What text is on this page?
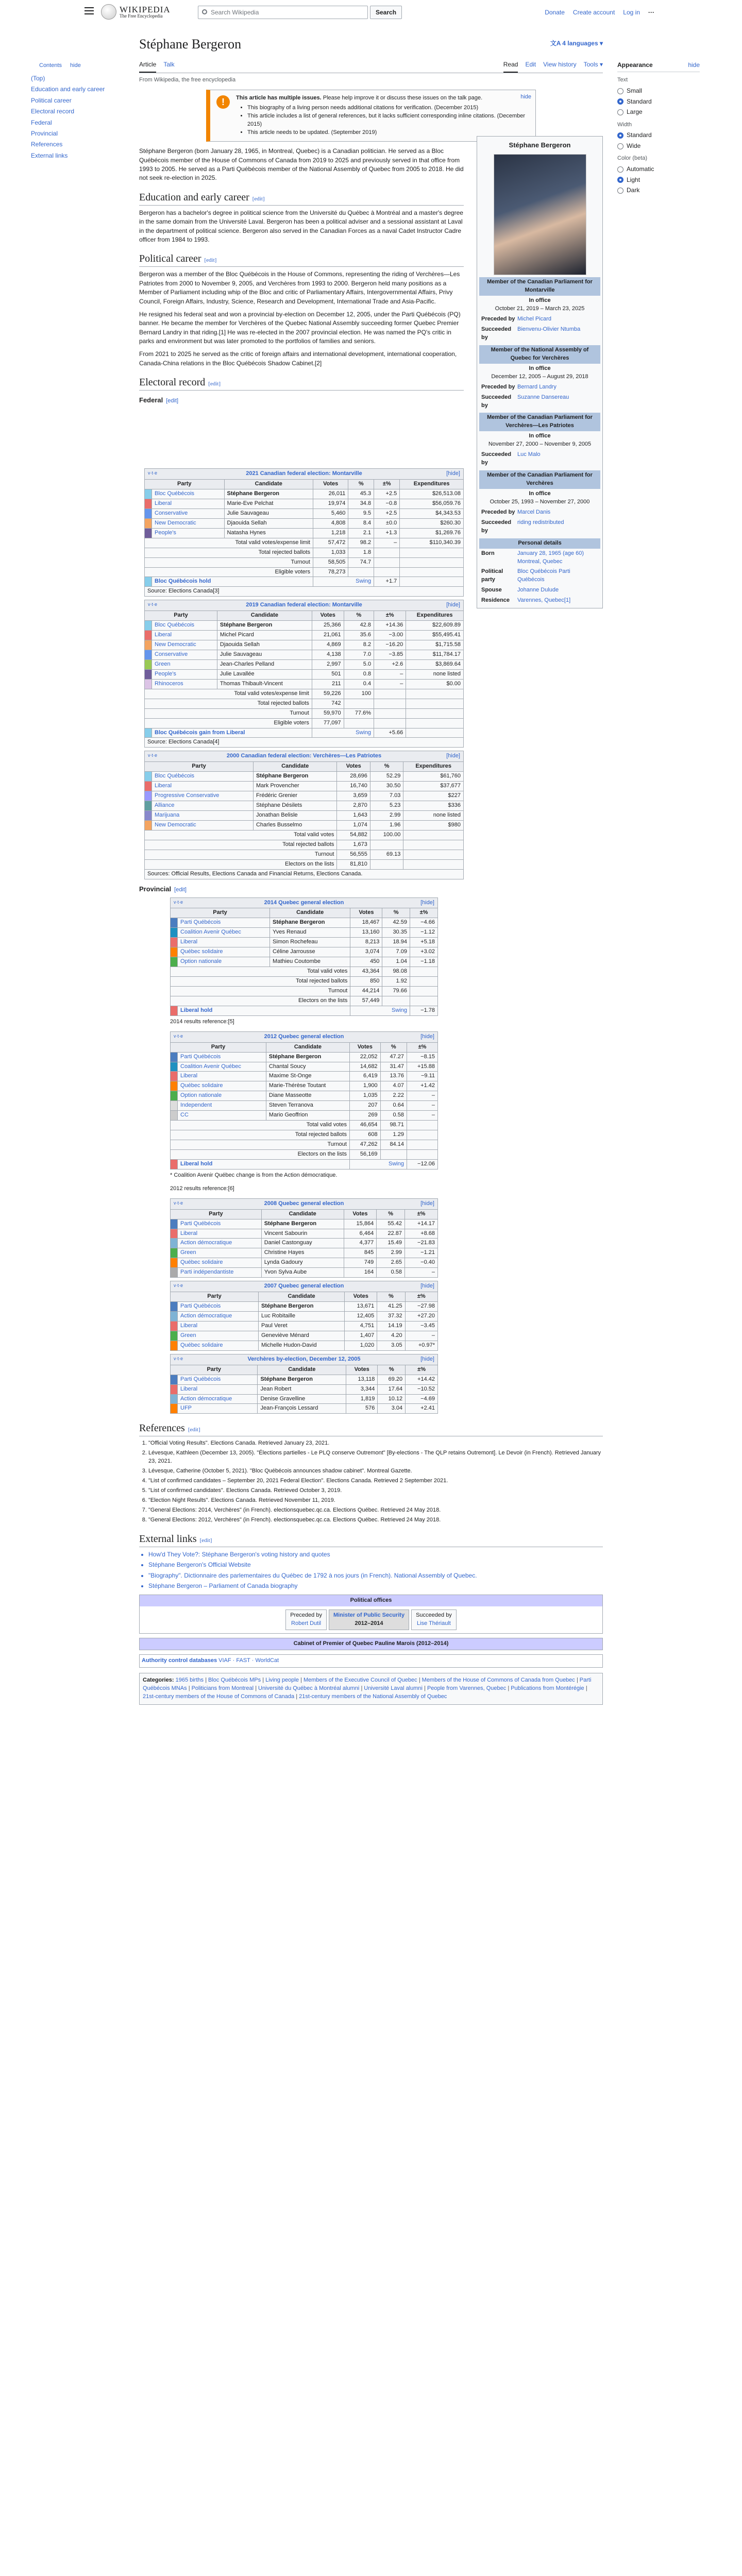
WIKIPEDIA
The Free Encyclopedia	Search Wikipedia	Search	Donate Create account Log in ···
Contents hide
(Top)
Education and early career
Political career
Electoral record
Federal
Provincial
References
External links
Appearance	hide
Text
Small
Standard
Large
Width
Standard
Wide
Color (beta)
Automatic
Light
Dark
Stéphane Bergeron	文A 4 languages ▾
Article Talk	Read Edit View history Tools ▾
From Wikipedia, the free encyclopedia
!	hide
This article has multiple issues. Please help improve it or discuss these issues on the talk page.
• This biography of a living person needs additional citations for verification. (December 2015)
• This article includes a list of general references, but it lacks sufficient corresponding inline citations. (December 2015)
• This article needs to be updated. (September 2019)
Stéphane Bergeron
Member of the Canadian Parliament for Montarville
In office
October 21, 2019 – March 23, 2025
Preceded by Michel Picard
Succeeded by
Bienvenu-Olivier Ntumba
Member of the National Assembly of Quebec for Verchères
In office
December 12, 2005 – August 29, 2018
Preceded by Bernard Landry
Succeeded by
Suzanne Dansereau
Member of the Canadian Parliament for Verchères—Les Patriotes
In office
November 27, 2000 – November 9, 2005
Succeeded by
Luc Malo
Member of the Canadian Parliament for Verchères
In office
October 25, 1993 – November 27, 2000
Preceded by Marcel Danis
Succeeded by
riding redistributed
Personal details
Born	January 28, 1965 (age 60) Montreal, Quebec
Political party
Bloc Québécois Parti Québécois
Spouse	Johanne Dulude
Residence	Varennes, Quebec[1]

Stéphane Bergeron (born January 28, 1965, in Montreal, Quebec) is a Canadian politician. He served as a Bloc Québécois member of the House of Commons of Canada from 2019 to 2025 and previously served in that office from 1993 to 2005. He served as a Parti Québécois member of the National Assembly of Quebec from 2005 to 2018. He did not seek re-election in 2025.

Education and early career [edit]

Bergeron has a bachelor's degree in political science from the Université du Québec à Montréal and a master's degree in the same domain from the Université Laval. Bergeron has been a political adviser and a sessional assistant at Laval in the department of political science. Bergeron also served in the Canadian Forces as a naval Cadet Instructor Cadre officer from 1984 to 1993.

Political career [edit]

Bergeron was a member of the Bloc Québécois in the House of Commons, representing the riding of Verchères—Les Patriotes from 2000 to November 9, 2005, and Verchères from 1993 to 2000. Bergeron held many positions as a Member of Parliament including whip of the Bloc and critic of Parliamentary Affairs, Intergovernmental Affairs, Privy Council, Foreign Affairs, Industry, Science, Research and Development, International Trade and Asia-Pacific.

He resigned his federal seat and won a provincial by-election on December 12, 2005, under the Parti Québécois (PQ) banner. He became the member for Verchères of the Quebec National Assembly succeeding former Quebec Premier Bernard Landry in that riding.[1] He was re-elected in the 2007 provincial election. He was named the PQ's critic in parks and environment but was later promoted to the portfolios of families and seniors.

From 2021 to 2025 he served as the critic of foreign affairs and international development, international cooperation, Canada-China relations in the Bloc Québécois Shadow Cabinet.[2]

Electoral record [edit]
Federal [edit]
v·t·e	2021 Canadian federal election: Montarville	[hide]
Party		Candidate	Votes	%	±%	Expenditures
	Bloc Québécois	Stéphane Bergeron	26,011	45.3	+2.5	$26,513.08
	Liberal	Marie-Eve Pelchat	19,974	34.8	−0.8	$56,059.76
	Conservative	Julie Sauvageau	5,460	9.5	+2.5	$4,343.53
	New Democratic	Djaouida Sellah	4,808	8.4	±0.0	$260.30
	People's	Natasha Hynes	1,218	2.1	+1.3	$1,269.76
Total valid votes/expense limit			57,472	98.2	–	$110,340.39
Total rejected ballots			1,033	1.8		
Turnout			58,505	74.7		
Eligible voters			78,273			
	Bloc Québécois hold		Swing		+1.7	
Source: Elections Canada[3]						
v·t·e	2019 Canadian federal election: Montarville	[hide]
Party		Candidate	Votes	%	±%	Expenditures
	Bloc Québécois	Stéphane Bergeron	25,366	42.8	+14.36	$22,609.89
	Liberal	Michel Picard	21,061	35.6	−3.00	$55,495.41
	New Democratic	Djaouida Sellah	4,869	8.2	−16.20	$1,715.58
	Conservative	Julie Sauvageau	4,138	7.0	−3.85	$11,784.17
	Green	Jean-Charles Pelland	2,997	5.0	+2.6	$3,869.64
	People's	Julie Lavallée	501	0.8	–	none listed
	Rhinoceros	Thomas Thibault-Vincent	211	0.4	–	$0.00
Total valid votes/expense limit			59,226	100		
Total rejected ballots			742			
Turnout			59,970	77.6%		
Eligible voters			77,097			
	Bloc Québécois gain from Liberal		Swing		+5.66	
Source: Elections Canada[4]						
v·t·e	2000 Canadian federal election: Verchères—Les Patriotes	[hide]
Party		Candidate	Votes	%	Expenditures
	Bloc Québécois	Stéphane Bergeron	28,696	52.29	$61,760
	Liberal	Mark Provencher	16,740	30.50	$37,677
	Progressive Conservative	Frédéric Grenier	3,659	7.03	$227
	Alliance	Stéphane Désilets	2,870	5.23	$336
	Marijuana	Jonathan Belisle	1,643	2.99	none listed
	New Democratic	Charles Busselmo	1,074	1.96	$980
Total valid votes			54,882	100.00	
Total rejected ballots			1,673		
Turnout			56,555	69.13	
Electors on the lists			81,810		
Sources: Official Results, Elections Canada and Financial Returns, Elections Canada.					
Provincial [edit]
v·t·e	2014 Quebec general election	[hide]
Party		Candidate	Votes	%	±%
	Parti Québécois	Stéphane Bergeron	18,467	42.59	−4.66
	Coalition Avenir Québec	Yves Renaud	13,160	30.35	−1.12
	Liberal	Simon Rochefeau	8,213	18.94	+5.18
	Québec solidaire	Céline Jarrousse	3,074	7.09	+3.02
	Option nationale	Mathieu Coutombe	450	1.04	−1.18
Total valid votes			43,364	98.08	
Total rejected ballots			850	1.92	
Turnout			44,214	79.66	
Electors on the lists			57,449		
	Liberal hold		Swing		−1.78

2014 results reference:[5]

v·t·e	2012 Quebec general election	[hide]
Party		Candidate	Votes	%	±%
	Parti Québécois	Stéphane Bergeron	22,052	47.27	−8.15
	Coalition Avenir Québec	Chantal Soucy	14,682	31.47	+15.88
	Liberal	Maxime St-Onge	6,419	13.76	−9.11
	Québec solidaire	Marie-Thérèse Toutant	1,900	4.07	+1.42
	Option nationale	Diane Masseotte	1,035	2.22	–
	Independent	Steven Terranova	207	0.64	–
	CC	Mario Geoffrion	269	0.58	–
Total valid votes			46,654	98.71	
Total rejected ballots			608	1.29	
Turnout			47,262	84.14	
Electors on the lists			56,169		
	Liberal hold		Swing		−12.06

* Coalition Avenir Québec change is from the Action démocratique.

2012 results reference:[6]

v·t·e	2008 Quebec general election	[hide]
Party		Candidate	Votes	%	±%
	Parti Québécois	Stéphane Bergeron	15,864	55.42	+14.17
	Liberal	Vincent Sabourin	6,464	22.87	+8.68
	Action démocratique	Daniel Castonguay	4,377	15.49	−21.83
	Green	Christine Hayes	845	2.99	−1.21
	Québec solidaire	Lynda Gadoury	749	2.65	−0.40
	Parti indépendantiste	Yvon Sylva Aube	164	0.58	–
v·t·e	2007 Quebec general election	[hide]
Party		Candidate	Votes	%	±%
	Parti Québécois	Stéphane Bergeron	13,671	41.25	−27.98
	Action démocratique	Luc Robitaille	12,405	37.32	+27.20
	Liberal	Paul Veret	4,751	14.19	−3.45
	Green	Geneviève Ménard	1,407	4.20	–
	Québec solidaire	Michelle Hudon-David	1,020	3.05	+0.97*
v·t·e	Verchères by-election, December 12, 2005	[hide]
Party		Candidate	Votes	%	±%
	Parti Québécois	Stéphane Bergeron	13,118	69.20	+14.42
	Liberal	Jean Robert	3,344	17.64	−10.52
	Action démocratique	Denise Gravelline	1,819	10.12	−4.69
	UFP	Jean-François Lessard	576	3.04	+2.41
References [edit]
1. "Official Voting Results". Elections Canada. Retrieved January 23, 2021.
2. Lévesque, Kathleen (December 13, 2005). "Élections partielles - Le PLQ conserve Outremont" [By-elections - The QLP retains Outremont]. Le Devoir (in French). Retrieved January 23, 2021.
3. Lévesque, Catherine (October 5, 2021). "Bloc Québécois announces shadow cabinet". Montreal Gazette.
4. "List of confirmed candidates – September 20, 2021 Federal Election". Elections Canada. Retrieved 2 September 2021.
5. "List of confirmed candidates". Elections Canada. Retrieved October 3, 2019.
6. "Election Night Results". Elections Canada. Retrieved November 11, 2019.
7. "General Elections: 2014, Verchères" (in French). electionsquebec.qc.ca. Elections Québec. Retrieved 24 May 2018.
8. "General Elections: 2012, Verchères" (in French). electionsquebec.qc.ca. Elections Québec. Retrieved 24 May 2018.
External links [edit]
• How'd They Vote?: Stéphane Bergeron's voting history and quotes
• Stéphane Bergeron's Official Website
• "Biography". Dictionnaire des parlementaires du Québec de 1792 à nos jours (in French). National Assembly of Quebec.
• Stéphane Bergeron – Parliament of Canada biography
Political offices
Preceded by
Robert Dutil
Minister of Public Security
2012–2014
Succeeded by
Lise Thériault
Cabinet of Premier of Quebec Pauline Marois (2012–2014)
Authority control databases VIAF · FAST · WorldCat
Categories: 1965 births | Bloc Québécois MPs | Living people | Members of the Executive Council of Quebec | Members of the House of Commons of Canada from Quebec | Parti Québécois MNAs | Politicians from Montreal | Université du Québec à Montréal alumni | Université Laval alumni | People from Varennes, Quebec | Publications from Montérégie | 21st-century members of the House of Commons of Canada | 21st-century members of the National Assembly of Quebec
